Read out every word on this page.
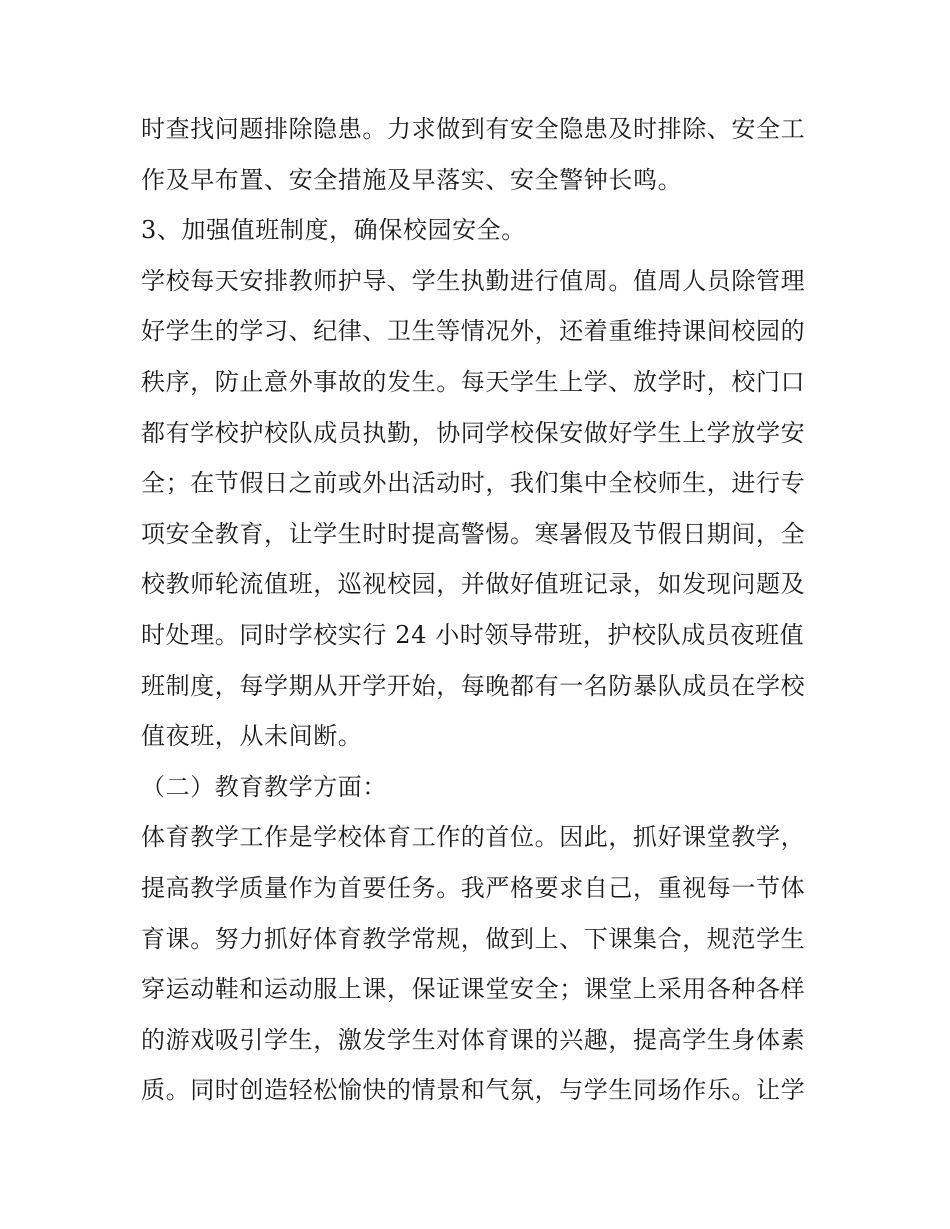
时查找问题排除隐患。力求做到有安全隐患及时排除、安全工
作及早布置、安全措施及早落实、安全警钟长鸣。
3、加强值班制度，确保校园安全。
学校每天安排教师护导、学生执勤进行值周。值周人员除管理
好学生的学习、纪律、卫生等情况外，还着重维持课间校园的
秩序，防止意外事故的发生。每天学生上学、放学时，校门口
都有学校护校队成员执勤，协同学校保安做好学生上学放学安
全；在节假日之前或外出活动时，我们集中全校师生，进行专
项安全教育，让学生时时提高警惕。寒暑假及节假日期间，全
校教师轮流值班，巡视校园，并做好值班记录，如发现问题及
时处理。同时学校实行 24 小时领导带班，护校队成员夜班值
班制度，每学期从开学开始，每晚都有一名防暴队成员在学校
值夜班，从未间断。
（二）教育教学方面：
体育教学工作是学校体育工作的首位。因此，抓好课堂教学，
提高教学质量作为首要任务。我严格要求自己，重视每一节体
育课。努力抓好体育教学常规，做到上、下课集合，规范学生
穿运动鞋和运动服上课，保证课堂安全；课堂上采用各种各样
的游戏吸引学生，激发学生对体育课的兴趣，提高学生身体素
质。同时创造轻松愉快的情景和气氛，与学生同场作乐。让学
